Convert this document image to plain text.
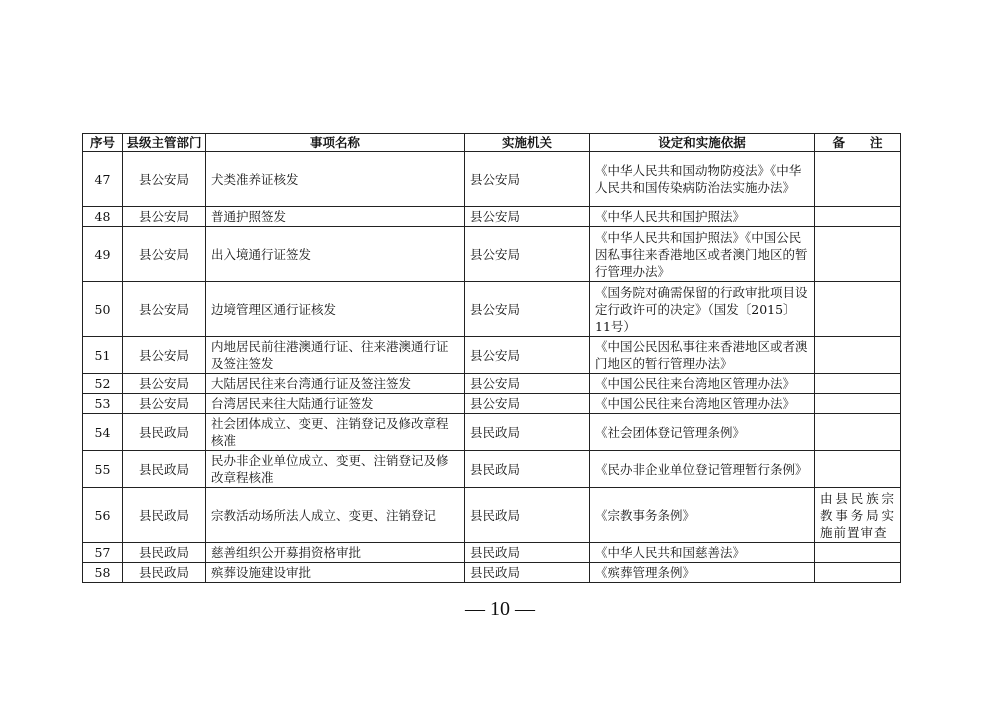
序号	县级主管部门	事项名称	实施机关	设定和实施依据	备　　注
47	县公安局	犬类准养证核发	县公安局	《中华人民共和国动物防疫法》《中华人民共和国传染病防治法实施办法》	
48	县公安局	普通护照签发	县公安局	《中华人民共和国护照法》	
49	县公安局	出入境通行证签发	县公安局	《中华人民共和国护照法》《中国公民因私事往来香港地区或者澳门地区的暂行管理办法》	
50	县公安局	边境管理区通行证核发	县公安局	《国务院对确需保留的行政审批项目设定行政许可的决定》（国发〔2015〕11号）	
51	县公安局	内地居民前往港澳通行证、往来港澳通行证及签注签发	县公安局	《中国公民因私事往来香港地区或者澳门地区的暂行管理办法》	
52	县公安局	大陆居民往来台湾通行证及签注签发	县公安局	《中国公民往来台湾地区管理办法》	
53	县公安局	台湾居民来往大陆通行证签发	县公安局	《中国公民往来台湾地区管理办法》	
54	县民政局	社会团体成立、变更、注销登记及修改章程核准	县民政局	《社会团体登记管理条例》	
55	县民政局	民办非企业单位成立、变更、注销登记及修改章程核准	县民政局	《民办非企业单位登记管理暂行条例》	
56	县民政局	宗教活动场所法人成立、变更、注销登记	县民政局	《宗教事务条例》	由县民族宗教事务局实施前置审查
57	县民政局	慈善组织公开募捐资格审批	县民政局	《中华人民共和国慈善法》	
58	县民政局	殡葬设施建设审批	县民政局	《殡葬管理条例》	
— 10 —
